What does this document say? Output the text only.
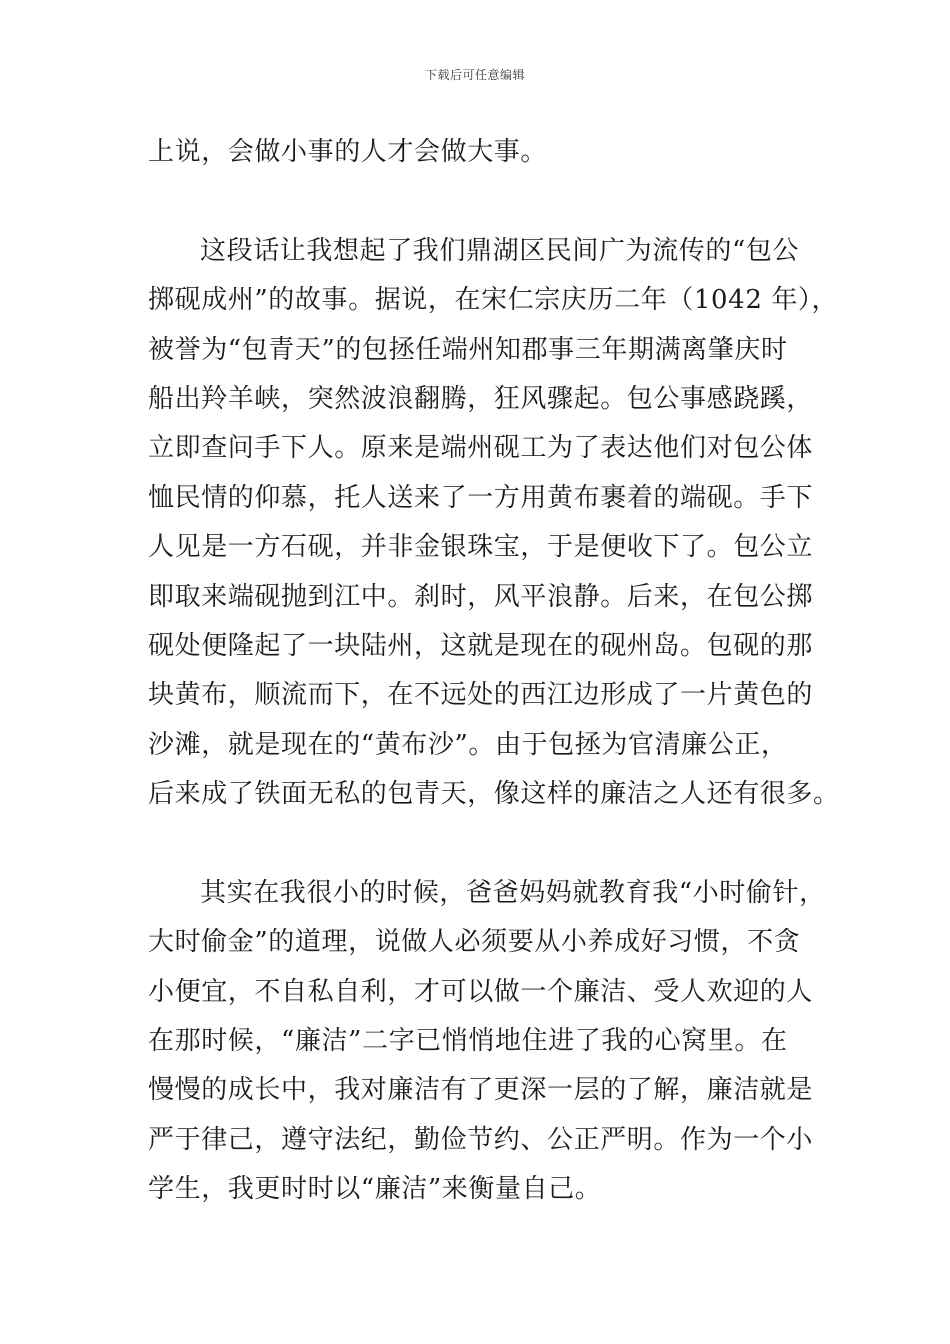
下载后可任意编辑
上说，会做小事的人才会做大事。
这段话让我想起了我们鼎湖区民间广为流传的“包公
掷砚成州”的故事。据说，在宋仁宗庆历二年（1042 年），
被誉为“包青天”的包拯任端州知郡事三年期满离肇庆时
船出羚羊峡，突然波浪翻腾，狂风骤起。包公事感跷蹊，
立即查问手下人。原来是端州砚工为了表达他们对包公体
恤民情的仰慕，托人送来了一方用黄布裹着的端砚。手下
人见是一方石砚，并非金银珠宝，于是便收下了。包公立
即取来端砚抛到江中。刹时，风平浪静。后来，在包公掷
砚处便隆起了一块陆州，这就是现在的砚州岛。包砚的那
块黄布，顺流而下，在不远处的西江边形成了一片黄色的
沙滩，就是现在的“黄布沙”。由于包拯为官清廉公正，
后来成了铁面无私的包青天，像这样的廉洁之人还有很多。
其实在我很小的时候，爸爸妈妈就教育我“小时偷针，
大时偷金”的道理，说做人必须要从小养成好习惯，不贪
小便宜，不自私自利，才可以做一个廉洁、受人欢迎的人
在那时候，“廉洁”二字已悄悄地住进了我的心窝里。在
慢慢的成长中，我对廉洁有了更深一层的了解，廉洁就是
严于律己，遵守法纪，勤俭节约、公正严明。作为一个小
学生，我更时时以“廉洁”来衡量自己。
